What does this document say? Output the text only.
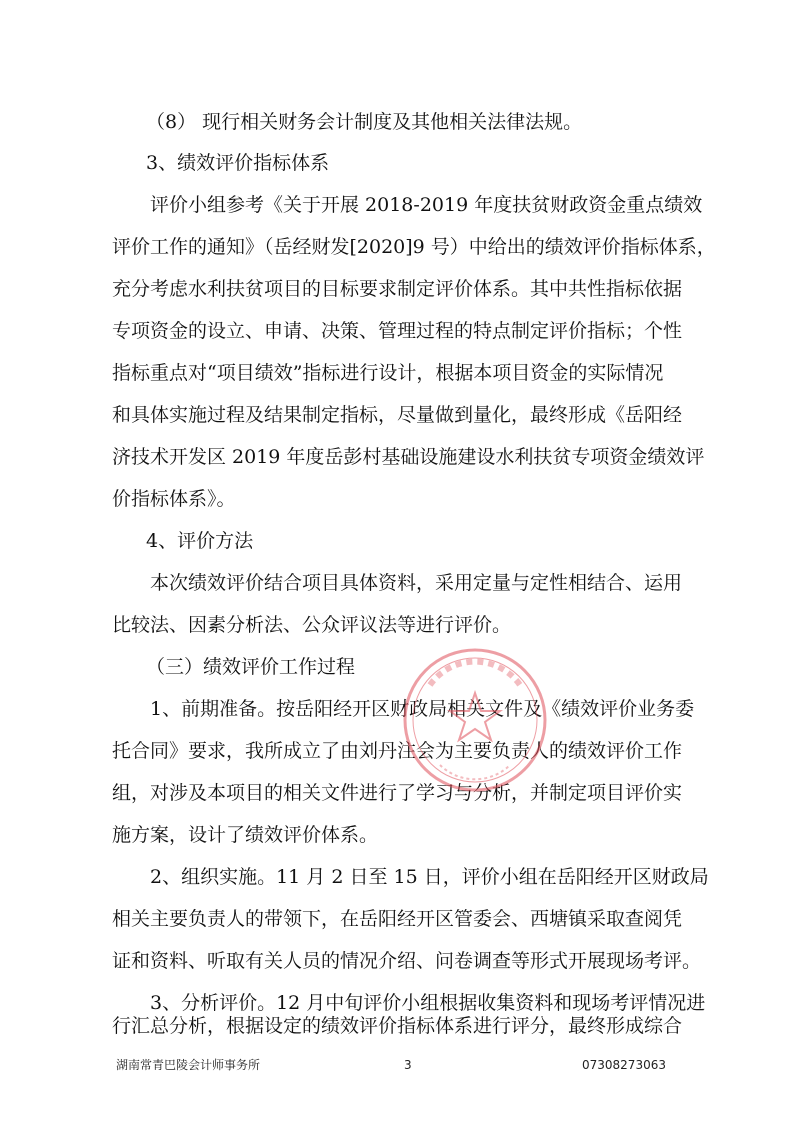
（8） 现行相关财务会计制度及其他相关法律法规。
3、绩效评价指标体系
评价小组参考《关于开展 2018-2019 年度扶贫财政资金重点绩效
评价工作的通知》（岳经财发[2020]9 号）中给出的绩效评价指标体系，
充分考虑水利扶贫项目的目标要求制定评价体系。其中共性指标依据
专项资金的设立、申请、决策、管理过程的特点制定评价指标；个性
指标重点对“项目绩效”指标进行设计，根据本项目资金的实际情况
和具体实施过程及结果制定指标，尽量做到量化，最终形成《岳阳经
济技术开发区 2019 年度岳彭村基础设施建设水利扶贫专项资金绩效评
价指标体系》。
4、评价方法
本次绩效评价结合项目具体资料，采用定量与定性相结合、运用
比较法、因素分析法、公众评议法等进行评价。
（三）绩效评价工作过程
1、前期准备。按岳阳经开区财政局相关文件及《绩效评价业务委
托合同》要求，我所成立了由刘丹注会为主要负责人的绩效评价工作
组，对涉及本项目的相关文件进行了学习与分析，并制定项目评价实
施方案，设计了绩效评价体系。
2、组织实施。11 月 2 日至 15 日，评价小组在岳阳经开区财政局
相关主要负责人的带领下，在岳阳经开区管委会、西塘镇采取查阅凭
证和资料、听取有关人员的情况介绍、问卷调查等形式开展现场考评。
3、分析评价。12 月中旬评价小组根据收集资料和现场考评情况进
行汇总分析，根据设定的绩效评价指标体系进行评分，最终形成综合
湖南常青巴陵会计师事务所	3	07308273063
